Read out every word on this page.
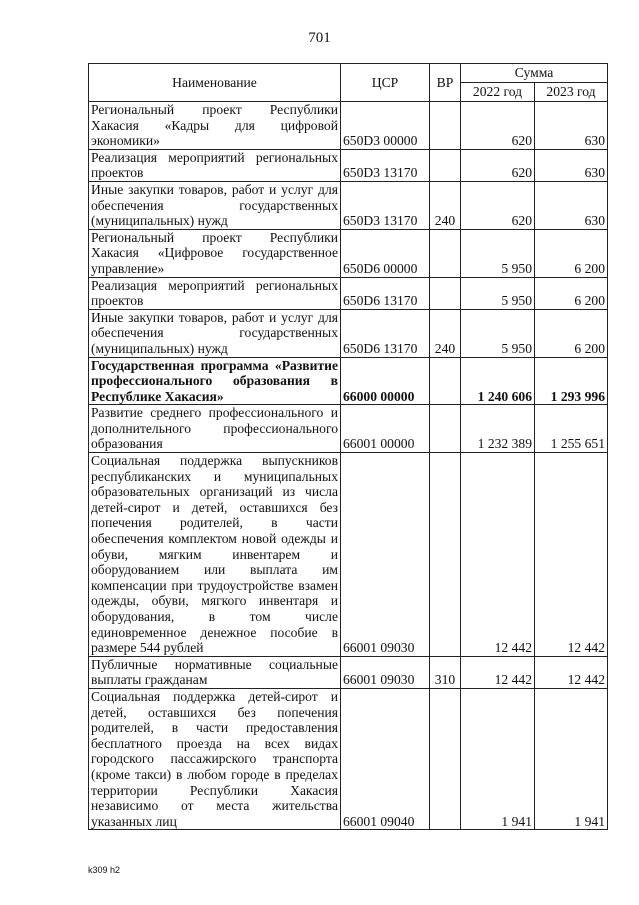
701
Наименование	ЦСР	ВР	Сумма	
			2022 год	2023 год
Региональный проект Республики Хакасия «Кадры для цифровой экономики»	650D3 00000		620	630
Реализация мероприятий региональных проектов	650D3 13170		620	630
Иные закупки товаров, работ и услуг для обеспечения государственных (муниципальных) нужд	650D3 13170	240	620	630
Региональный проект Республики Хакасия «Цифровое государственное управление»	650D6 00000		5 950	6 200
Реализация мероприятий региональных проектов	650D6 13170		5 950	6 200
Иные закупки товаров, работ и услуг для обеспечения государственных (муниципальных) нужд	650D6 13170	240	5 950	6 200
Государственная программа «Развитие профессионального образования в Республике Хакасия»	66000 00000		1 240 606	1 293 996
Развитие среднего профессионального и дополнительного профессионального образования	66001 00000		1 232 389	1 255 651
Социальная поддержка выпускников республиканских и муниципальных образовательных организаций из числа детей-сирот и детей, оставшихся без попечения родителей, в части обеспечения комплектом новой одежды и обуви, мягким инвентарем и оборудованием или выплата им компенсации при трудоустройстве взамен одежды, обуви, мягкого инвентаря и оборудования, в том числе единовременное денежное пособие в размере 544 рублей	66001 09030		12 442	12 442
Публичные нормативные социальные выплаты гражданам	66001 09030	310	12 442	12 442
Социальная поддержка детей-сирот и детей, оставшихся без попечения родителей, в части предоставления бесплатного проезда на всех видах городского пассажирского транспорта (кроме такси) в любом городе в пределах территории Республики Хакасия независимо от места жительства указанных лиц	66001 09040		1 941	1 941
k309 h2
